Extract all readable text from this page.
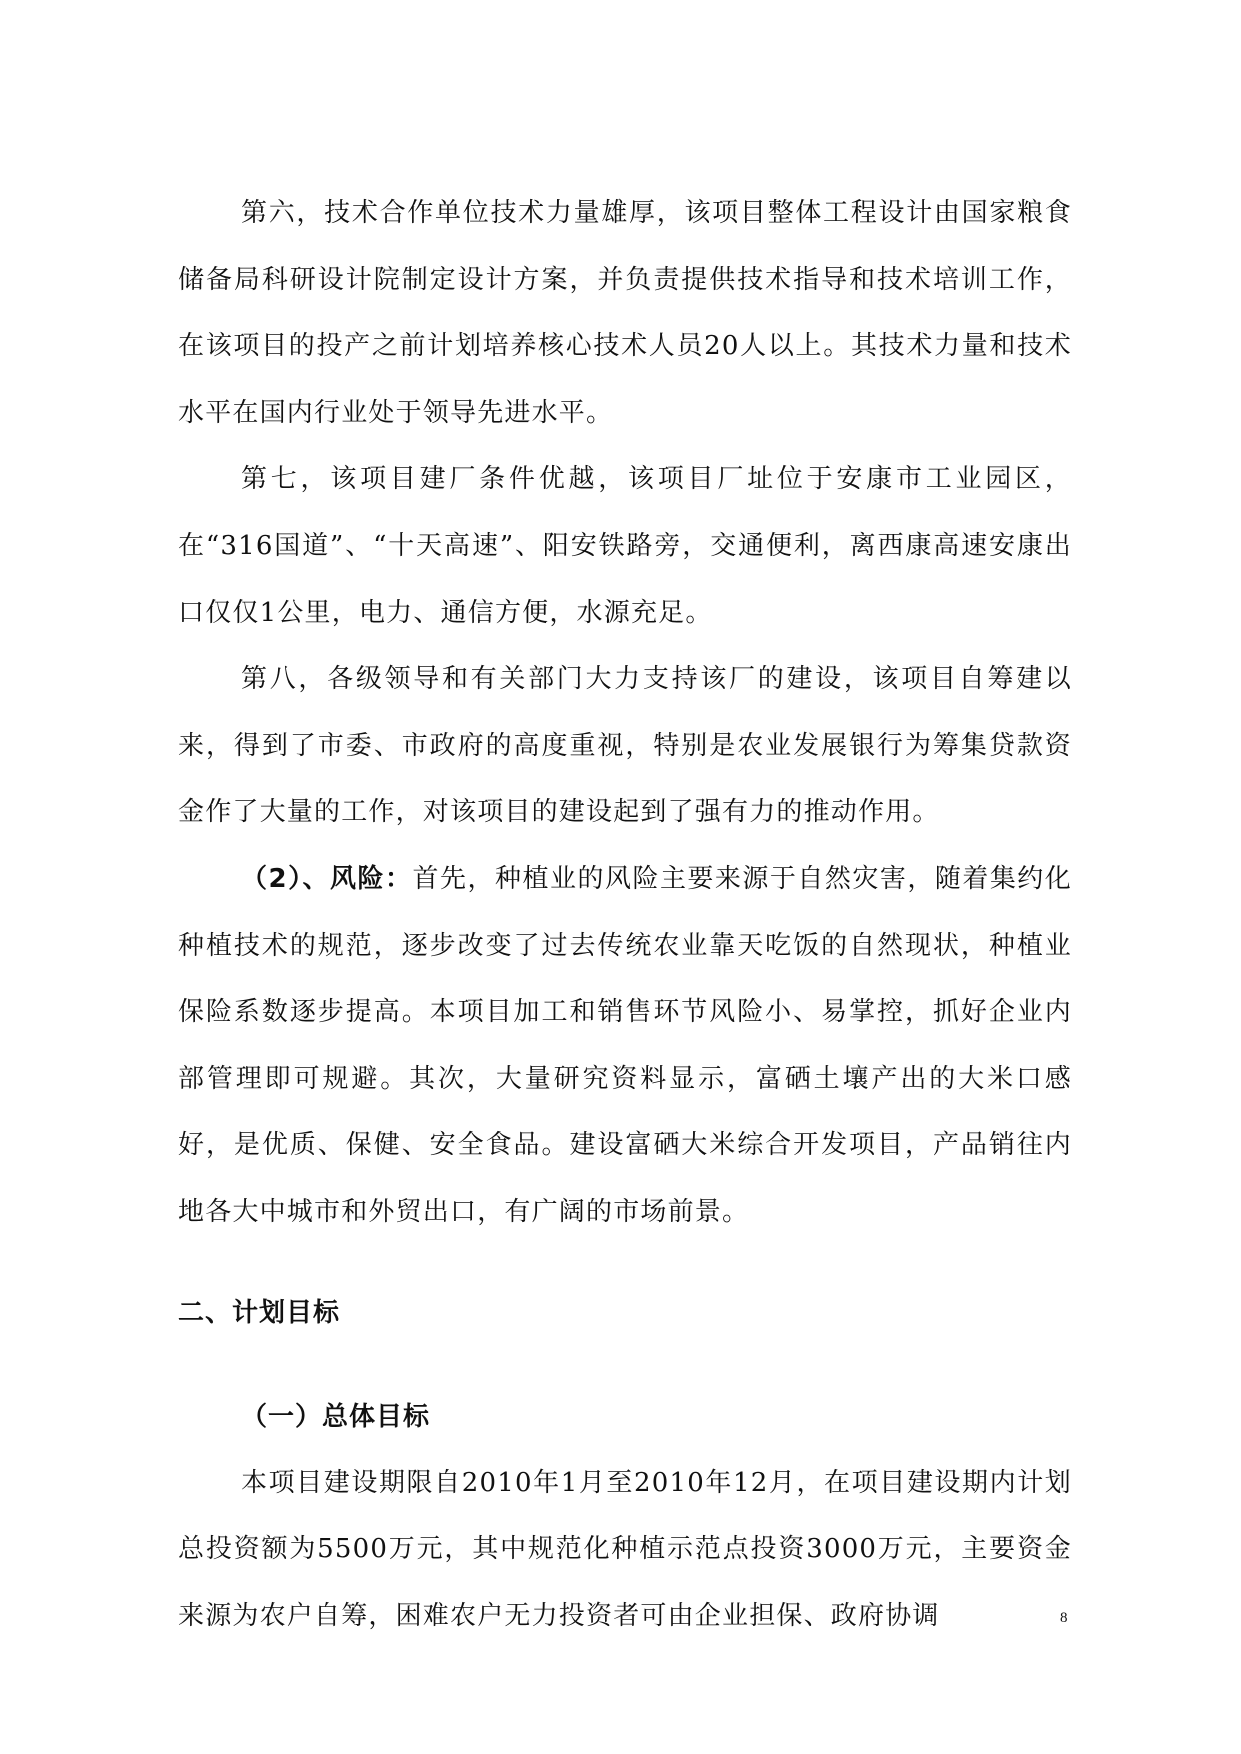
第六，技术合作单位技术力量雄厚，该项目整体工程设计由国家粮食储备局科研设计院制定设计方案，并负责提供技术指导和技术培训工作，在该项目的投产之前计划培养核心技术人员20人以上。其技术力量和技术水平在国内行业处于领导先进水平。

第七，该项目建厂条件优越，该项目厂址位于安康市工业园区，在“316国道”、“十天高速”、阳安铁路旁，交通便利，离西康高速安康出口仅仅1公里，电力、通信方便，水源充足。

第八，各级领导和有关部门大力支持该厂的建设，该项目自筹建以来，得到了市委、市政府的高度重视，特别是农业发展银行为筹集贷款资金作了大量的工作，对该项目的建设起到了强有力的推动作用。

（2）、风险：首先，种植业的风险主要来源于自然灾害，随着集约化种植技术的规范，逐步改变了过去传统农业靠天吃饭的自然现状，种植业保险系数逐步提高。本项目加工和销售环节风险小、易掌控，抓好企业内部管理即可规避。其次，大量研究资料显示，富硒土壤产出的大米口感好，是优质、保健、安全食品。建设富硒大米综合开发项目，产品销往内地各大中城市和外贸出口，有广阔的市场前景。

二、计划目标
（一）总体目标

本项目建设期限自2010年1月至2010年12月，在项目建设期内计划总投资额为5500万元，其中规范化种植示范点投资3000万元，主要资金来源为农户自筹，困难农户无力投资者可由企业担保、政府协调	8
